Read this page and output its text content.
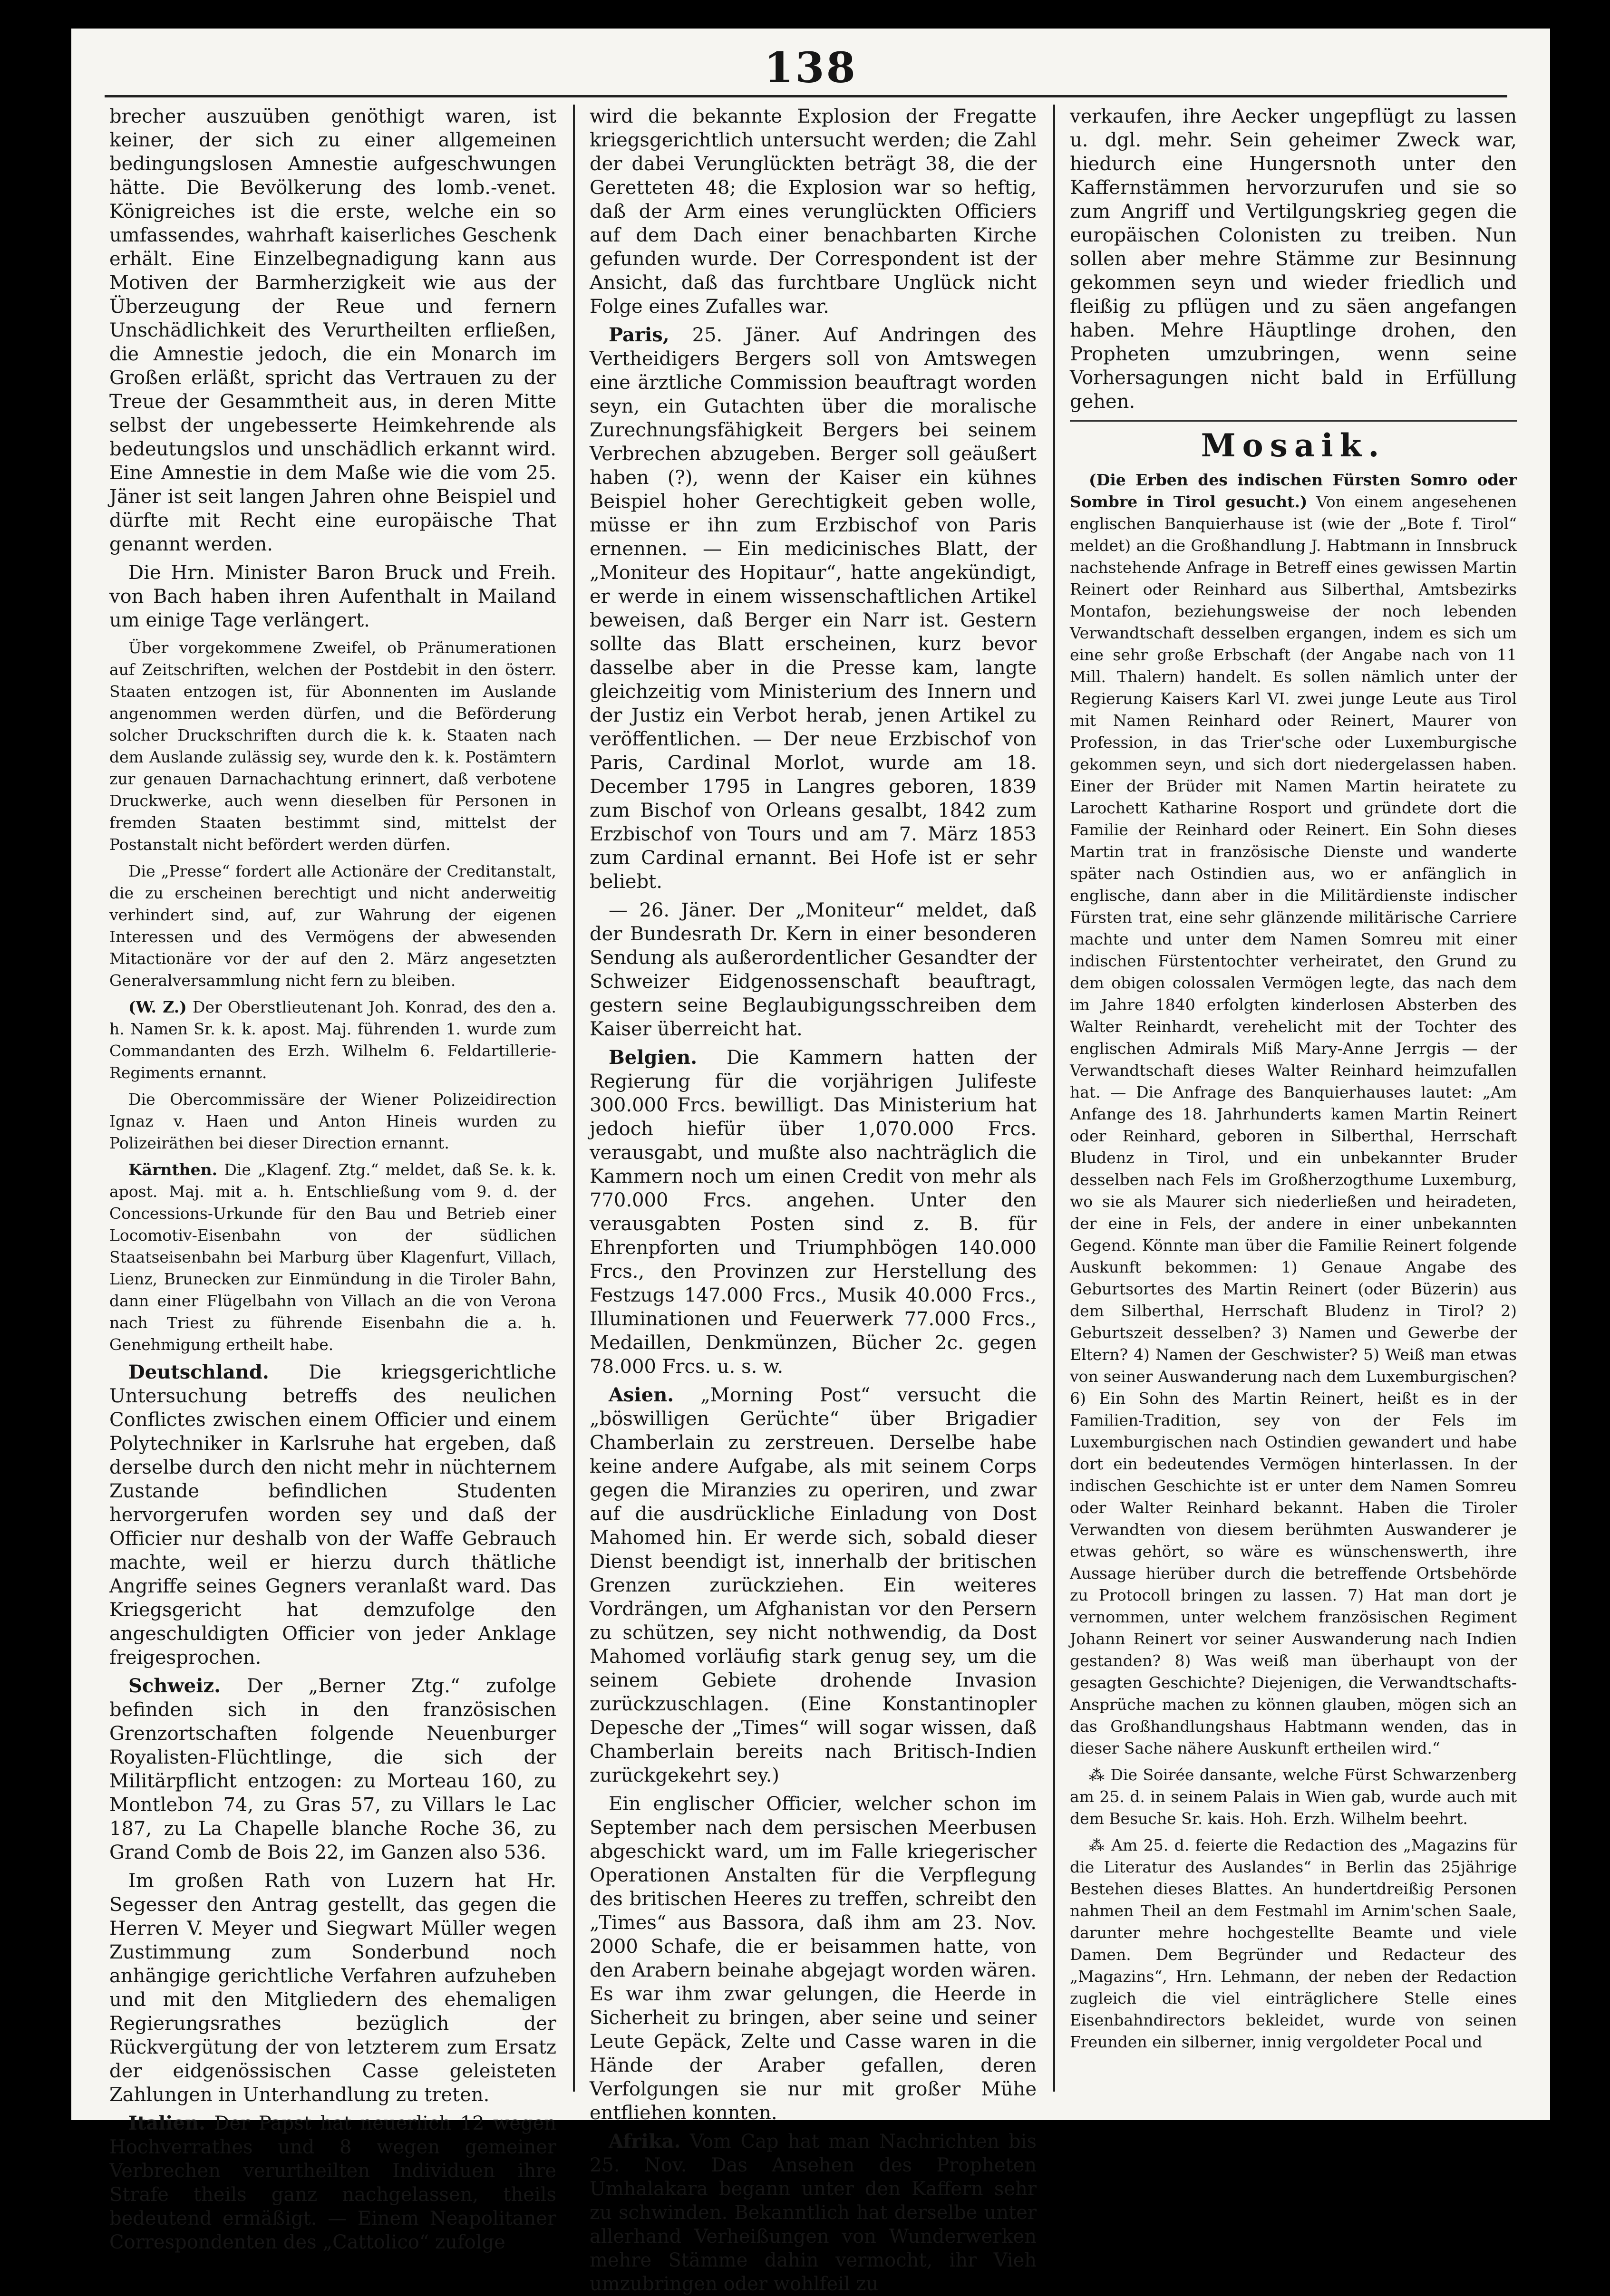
138

brecher auszuüben genöthigt waren, ist keiner, der sich zu einer allgemeinen bedingungslosen Amnestie aufgeschwungen hätte. Die Bevölkerung des lomb.-venet. Königreiches ist die erste, welche ein so umfassendes, wahrhaft kaiserliches Geschenk erhält. Eine Einzelbegnadigung kann aus Motiven der Barmherzigkeit wie aus der Überzeugung der Reue und fernern Unschädlichkeit des Verurtheilten erfließen, die Amnestie jedoch, die ein Monarch im Großen erläßt, spricht das Vertrauen zu der Treue der Gesammtheit aus, in deren Mitte selbst der ungebesserte Heimkehrende als bedeutungslos und unschädlich erkannt wird. Eine Amnestie in dem Maße wie die vom 25. Jäner ist seit langen Jahren ohne Beispiel und dürfte mit Recht eine europäische That genannt werden.

Die Hrn. Minister Baron Bruck und Freih. von Bach haben ihren Aufenthalt in Mailand um einige Tage verlängert.

Über vorgekommene Zweifel, ob Pränumerationen auf Zeitschriften, welchen der Postdebit in den österr. Staaten entzogen ist, für Abonnenten im Auslande angenommen werden dürfen, und die Beförderung solcher Druckschriften durch die k. k. Staaten nach dem Auslande zulässig sey, wurde den k. k. Postämtern zur genauen Darnachachtung erinnert, daß verbotene Druckwerke, auch wenn dieselben für Personen in fremden Staaten bestimmt sind, mittelst der Postanstalt nicht befördert werden dürfen.

Die „Presse“ fordert alle Actionäre der Creditanstalt, die zu erscheinen berechtigt und nicht anderweitig verhindert sind, auf, zur Wahrung der eigenen Interessen und des Vermögens der abwesenden Mitactionäre vor der auf den 2. März angesetzten Generalversammlung nicht fern zu bleiben.

(W. Z.) Der Oberstlieutenant Joh. Konrad, des den a. h. Namen Sr. k. k. apost. Maj. führenden 1. wurde zum Commandanten des Erzh. Wilhelm 6. Feldartillerie-Regiments ernannt.

Die Obercommissäre der Wiener Polizeidirection Ignaz v. Haen und Anton Hineis wurden zu Polizeiräthen bei dieser Direction ernannt.

Kärnthen. Die „Klagenf. Ztg.“ meldet, daß Se. k. k. apost. Maj. mit a. h. Entschließung vom 9. d. der Concessions-Urkunde für den Bau und Betrieb einer Locomotiv-Eisenbahn von der südlichen Staatseisenbahn bei Marburg über Klagenfurt, Villach, Lienz, Brunecken zur Einmündung in die Tiroler Bahn, dann einer Flügelbahn von Villach an die von Verona nach Triest zu führende Eisenbahn die a. h. Genehmigung ertheilt habe.

Deutschland. Die kriegsgerichtliche Untersuchung betreffs des neulichen Conflictes zwischen einem Officier und einem Polytechniker in Karlsruhe hat ergeben, daß derselbe durch den nicht mehr in nüchternem Zustande befindlichen Studenten hervorgerufen worden sey und daß der Officier nur deshalb von der Waffe Gebrauch machte, weil er hierzu durch thätliche Angriffe seines Gegners veranlaßt ward. Das Kriegsgericht hat demzufolge den angeschuldigten Officier von jeder Anklage freigesprochen.

Schweiz. Der „Berner Ztg.“ zufolge befinden sich in den französischen Grenzortschaften folgende Neuenburger Royalisten-Flüchtlinge, die sich der Militärpflicht entzogen: zu Morteau 160, zu Montlebon 74, zu Gras 57, zu Villars le Lac 187, zu La Chapelle blanche Roche 36, zu Grand Comb de Bois 22, im Ganzen also 536.

Im großen Rath von Luzern hat Hr. Segesser den Antrag gestellt, das gegen die Herren V. Meyer und Siegwart Müller wegen Zustimmung zum Sonderbund noch anhängige gerichtliche Verfahren aufzuheben und mit den Mitgliedern des ehemaligen Regierungsrathes bezüglich der Rückvergütung der von letzterem zum Ersatz der eidgenössischen Casse geleisteten Zahlungen in Unterhandlung zu treten.

Italien. Der Papst hat neuerlich 12 wegen Hochverrathes und 8 wegen gemeiner Verbrechen verurtheilten Individuen ihre Strafe theils ganz nachgelassen, theils bedeutend ermäßigt. — Einem Neapolitaner Correspondenten des „Cattolico“ zufolge

wird die bekannte Explosion der Fregatte kriegsgerichtlich untersucht werden; die Zahl der dabei Verunglückten beträgt 38, die der Geretteten 48; die Explosion war so heftig, daß der Arm eines verunglückten Officiers auf dem Dach einer benachbarten Kirche gefunden wurde. Der Correspondent ist der Ansicht, daß das furchtbare Unglück nicht Folge eines Zufalles war.

Paris, 25. Jäner. Auf Andringen des Vertheidigers Bergers soll von Amtswegen eine ärztliche Commission beauftragt worden seyn, ein Gutachten über die moralische Zurechnungsfähigkeit Bergers bei seinem Verbrechen abzugeben. Berger soll geäußert haben (?), wenn der Kaiser ein kühnes Beispiel hoher Gerechtigkeit geben wolle, müsse er ihn zum Erzbischof von Paris ernennen. — Ein medicinisches Blatt, der „Moniteur des Hopitaur“, hatte angekündigt, er werde in einem wissenschaftlichen Artikel beweisen, daß Berger ein Narr ist. Gestern sollte das Blatt erscheinen, kurz bevor dasselbe aber in die Presse kam, langte gleichzeitig vom Ministerium des Innern und der Justiz ein Verbot herab, jenen Artikel zu veröffentlichen. — Der neue Erzbischof von Paris, Cardinal Morlot, wurde am 18. December 1795 in Langres geboren, 1839 zum Bischof von Orleans gesalbt, 1842 zum Erzbischof von Tours und am 7. März 1853 zum Cardinal ernannt. Bei Hofe ist er sehr beliebt.

— 26. Jäner. Der „Moniteur“ meldet, daß der Bundesrath Dr. Kern in einer besonderen Sendung als außerordentlicher Gesandter der Schweizer Eidgenossenschaft beauftragt, gestern seine Beglaubigungsschreiben dem Kaiser überreicht hat.

Belgien. Die Kammern hatten der Regierung für die vorjährigen Julifeste 300.000 Frcs. bewilligt. Das Ministerium hat jedoch hiefür über 1,070.000 Frcs. verausgabt, und mußte also nachträglich die Kammern noch um einen Credit von mehr als 770.000 Frcs. angehen. Unter den verausgabten Posten sind z. B. für Ehrenpforten und Triumphbögen 140.000 Frcs., den Provinzen zur Herstellung des Festzugs 147.000 Frcs., Musik 40.000 Frcs., Illuminationen und Feuerwerk 77.000 Frcs., Medaillen, Denkmünzen, Bücher 2c. gegen 78.000 Frcs. u. s. w.

Asien. „Morning Post“ versucht die „böswilligen Gerüchte“ über Brigadier Chamberlain zu zerstreuen. Derselbe habe keine andere Aufgabe, als mit seinem Corps gegen die Miranzies zu operiren, und zwar auf die ausdrückliche Einladung von Dost Mahomed hin. Er werde sich, sobald dieser Dienst beendigt ist, innerhalb der britischen Grenzen zurückziehen. Ein weiteres Vordrängen, um Afghanistan vor den Persern zu schützen, sey nicht nothwendig, da Dost Mahomed vorläufig stark genug sey, um die seinem Gebiete drohende Invasion zurückzuschlagen. (Eine Konstantinopler Depesche der „Times“ will sogar wissen, daß Chamberlain bereits nach Britisch-Indien zurückgekehrt sey.)

Ein englischer Officier, welcher schon im September nach dem persischen Meerbusen abgeschickt ward, um im Falle kriegerischer Operationen Anstalten für die Verpflegung des britischen Heeres zu treffen, schreibt den „Times“ aus Bassora, daß ihm am 23. Nov. 2000 Schafe, die er beisammen hatte, von den Arabern beinahe abgejagt worden wären. Es war ihm zwar gelungen, die Heerde in Sicherheit zu bringen, aber seine und seiner Leute Gepäck, Zelte und Casse waren in die Hände der Araber gefallen, deren Verfolgungen sie nur mit großer Mühe entfliehen konnten.

Afrika. Vom Cap hat man Nachrichten bis 25. Nov. Das Ansehen des Propheten Umhalakara begann unter den Kaffern sehr zu schwinden. Bekanntlich hat derselbe unter allerhand Verheißungen von Wunderwerken mehre Stämme dahin vermocht, ihr Vieh umzubringen oder wohlfeil zu

verkaufen, ihre Aecker ungepflügt zu lassen u. dgl. mehr. Sein geheimer Zweck war, hiedurch eine Hungersnoth unter den Kaffernstämmen hervorzurufen und sie so zum Angriff und Vertilgungskrieg gegen die europäischen Colonisten zu treiben. Nun sollen aber mehre Stämme zur Besinnung gekommen seyn und wieder friedlich und fleißig zu pflügen und zu säen angefangen haben. Mehre Häuptlinge drohen, den Propheten umzubringen, wenn seine Vorhersagungen nicht bald in Erfüllung gehen.

Mosaik.

(Die Erben des indischen Fürsten Somro oder Sombre in Tirol gesucht.) Von einem angesehenen englischen Banquierhause ist (wie der „Bote f. Tirol“ meldet) an die Großhandlung J. Habtmann in Innsbruck nachstehende Anfrage in Betreff eines gewissen Martin Reinert oder Reinhard aus Silberthal, Amtsbezirks Montafon, beziehungsweise der noch lebenden Verwandtschaft desselben ergangen, indem es sich um eine sehr große Erbschaft (der Angabe nach von 11 Mill. Thalern) handelt. Es sollen nämlich unter der Regierung Kaisers Karl VI. zwei junge Leute aus Tirol mit Namen Reinhard oder Reinert, Maurer von Profession, in das Trier'sche oder Luxemburgische gekommen seyn, und sich dort niedergelassen haben. Einer der Brüder mit Namen Martin heiratete zu Larochett Katharine Rosport und gründete dort die Familie der Reinhard oder Reinert. Ein Sohn dieses Martin trat in französische Dienste und wanderte später nach Ostindien aus, wo er anfänglich in englische, dann aber in die Militärdienste indischer Fürsten trat, eine sehr glänzende militärische Carriere machte und unter dem Namen Somreu mit einer indischen Fürstentochter verheiratet, den Grund zu dem obigen colossalen Vermögen legte, das nach dem im Jahre 1840 erfolgten kinderlosen Absterben des Walter Reinhardt, verehelicht mit der Tochter des englischen Admirals Miß Mary-Anne Jerrgis — der Verwandtschaft dieses Walter Reinhard heimzufallen hat. — Die Anfrage des Banquierhauses lautet: „Am Anfange des 18. Jahrhunderts kamen Martin Reinert oder Reinhard, geboren in Silberthal, Herrschaft Bludenz in Tirol, und ein unbekannter Bruder desselben nach Fels im Großherzogthume Luxemburg, wo sie als Maurer sich niederließen und heiradeten, der eine in Fels, der andere in einer unbekannten Gegend. Könnte man über die Familie Reinert folgende Auskunft bekommen: 1) Genaue Angabe des Geburtsortes des Martin Reinert (oder Büzerin) aus dem Silberthal, Herrschaft Bludenz in Tirol? 2) Geburtszeit desselben? 3) Namen und Gewerbe der Eltern? 4) Namen der Geschwister? 5) Weiß man etwas von seiner Auswanderung nach dem Luxemburgischen? 6) Ein Sohn des Martin Reinert, heißt es in der Familien-Tradition, sey von der Fels im Luxemburgischen nach Ostindien gewandert und habe dort ein bedeutendes Vermögen hinterlassen. In der indischen Geschichte ist er unter dem Namen Somreu oder Walter Reinhard bekannt. Haben die Tiroler Verwandten von diesem berühmten Auswanderer je etwas gehört, so wäre es wünschenswerth, ihre Aussage hierüber durch die betreffende Ortsbehörde zu Protocoll bringen zu lassen. 7) Hat man dort je vernommen, unter welchem französischen Regiment Johann Reinert vor seiner Auswanderung nach Indien gestanden? 8) Was weiß man überhaupt von der gesagten Geschichte? Diejenigen, die Verwandtschafts-Ansprüche machen zu können glauben, mögen sich an das Großhandlungshaus Habtmann wenden, das in dieser Sache nähere Auskunft ertheilen wird.“

⁂ Die Soirée dansante, welche Fürst Schwarzenberg am 25. d. in seinem Palais in Wien gab, wurde auch mit dem Besuche Sr. kais. Hoh. Erzh. Wilhelm beehrt.

⁂ Am 25. d. feierte die Redaction des „Magazins für die Literatur des Auslandes“ in Berlin das 25jährige Bestehen dieses Blattes. An hundertdreißig Personen nahmen Theil an dem Festmahl im Arnim'schen Saale, darunter mehre hochgestellte Beamte und viele Damen. Dem Begründer und Redacteur des „Magazins“, Hrn. Lehmann, der neben der Redaction zugleich die viel einträglichere Stelle eines Eisenbahndirectors bekleidet, wurde von seinen Freunden ein silberner, innig vergoldeter Pocal und
